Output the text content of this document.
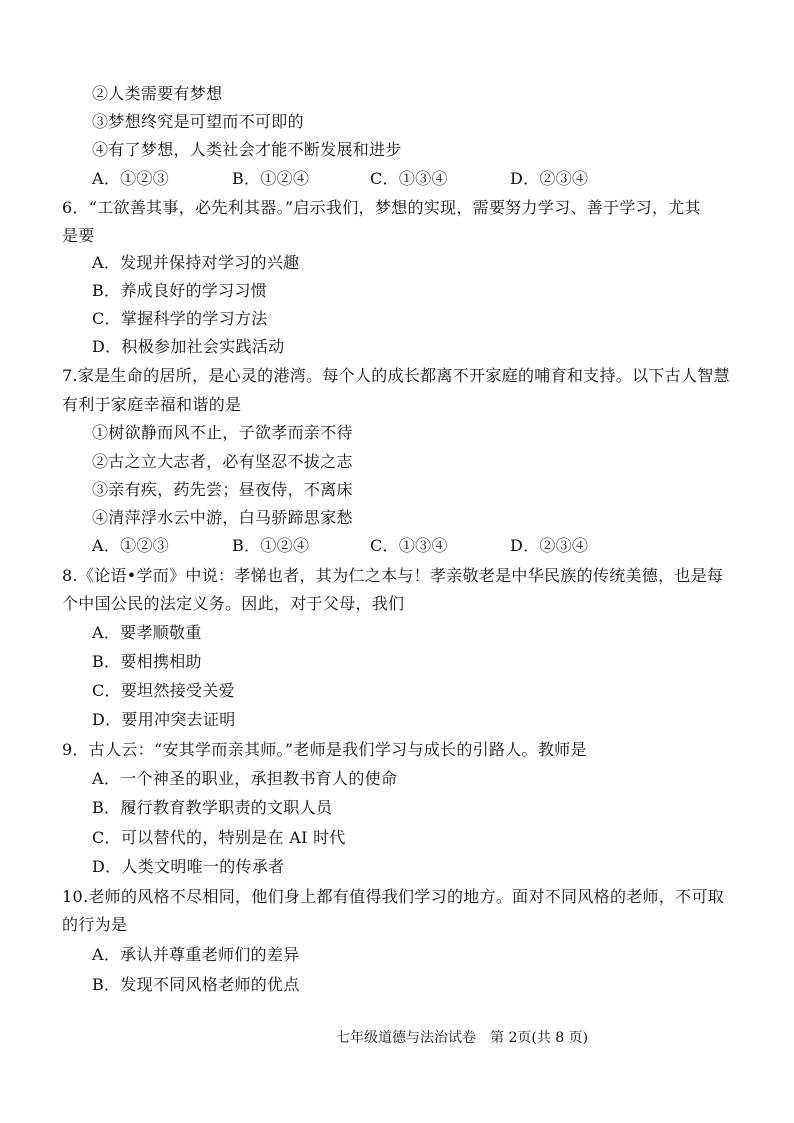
②人类需要有梦想
③梦想终究是可望而不可即的
④有了梦想，人类社会才能不断发展和进步
A．①②③	B．①②④	C．①③④	D．②③④
6．“工欲善其事，必先利其器。”启示我们，梦想的实现，需要努力学习、善于学习，尤其
是要
A．发现并保持对学习的兴趣
B．养成良好的学习习惯
C．掌握科学的学习方法
D．积极参加社会实践活动
7.家是生命的居所，是心灵的港湾。每个人的成长都离不开家庭的哺育和支持。以下古人智慧
有利于家庭幸福和谐的是
①树欲静而风不止，子欲孝而亲不待
②古之立大志者，必有坚忍不拔之志
③亲有疾，药先尝；昼夜侍，不离床
④清萍浮水云中游，白马骄蹄思家愁
A．①②③	B．①②④	C．①③④	D．②③④
8.《论语•学而》中说：孝悌也者，其为仁之本与！孝亲敬老是中华民族的传统美德，也是每
个中国公民的法定义务。因此，对于父母，我们
A．要孝顺敬重
B．要相携相助
C．要坦然接受关爱
D．要用冲突去证明
9．古人云：“安其学而亲其师。”老师是我们学习与成长的引路人。教师是
A．一个神圣的职业，承担教书育人的使命
B．履行教育教学职责的文职人员
C．可以替代的，特别是在 AI 时代
D．人类文明唯一的传承者
10.老师的风格不尽相同，他们身上都有值得我们学习的地方。面对不同风格的老师，不可取
的行为是
A．承认并尊重老师们的差异
B．发现不同风格老师的优点
七年级道德与法治试卷　第 2页(共 8 页)
